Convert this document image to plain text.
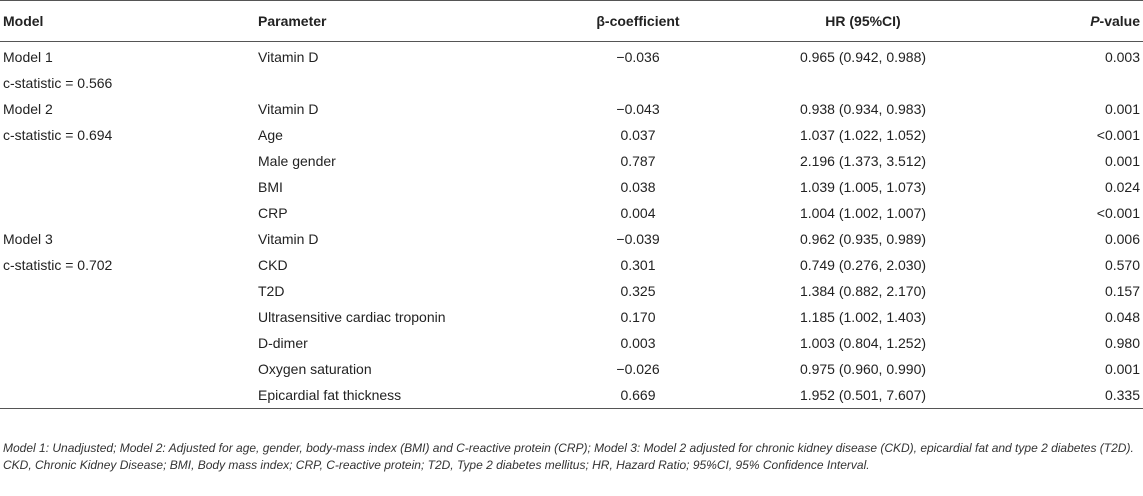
Model	Parameter	β-coefficient	HR (95%CI)	P-value
Model 1	Vitamin D	−0.036	0.965 (0.942, 0.988)	0.003
c-statistic = 0.566				
Model 2	Vitamin D	−0.043	0.938 (0.934, 0.983)	0.001
c-statistic = 0.694	Age	0.037	1.037 (1.022, 1.052)	<0.001
	Male gender	0.787	2.196 (1.373, 3.512)	0.001
	BMI	0.038	1.039 (1.005, 1.073)	0.024
	CRP	0.004	1.004 (1.002, 1.007)	<0.001
Model 3	Vitamin D	−0.039	0.962 (0.935, 0.989)	0.006
c-statistic = 0.702	CKD	0.301	0.749 (0.276, 2.030)	0.570
	T2D	0.325	1.384 (0.882, 2.170)	0.157
	Ultrasensitive cardiac troponin	0.170	1.185 (1.002, 1.403)	0.048
	D-dimer	0.003	1.003 (0.804, 1.252)	0.980
	Oxygen saturation	−0.026	0.975 (0.960, 0.990)	0.001
	Epicardial fat thickness	0.669	1.952 (0.501, 7.607)	0.335
Model 1: Unadjusted; Model 2: Adjusted for age, gender, body-mass index (BMI) and C-reactive protein (CRP); Model 3: Model 2 adjusted for chronic kidney disease (CKD), epicardial fat and type 2 diabetes (T2D). CKD, Chronic Kidney Disease; BMI, Body mass index; CRP, C-reactive protein; T2D, Type 2 diabetes mellitus; HR, Hazard Ratio; 95%CI, 95% Confidence Interval.
